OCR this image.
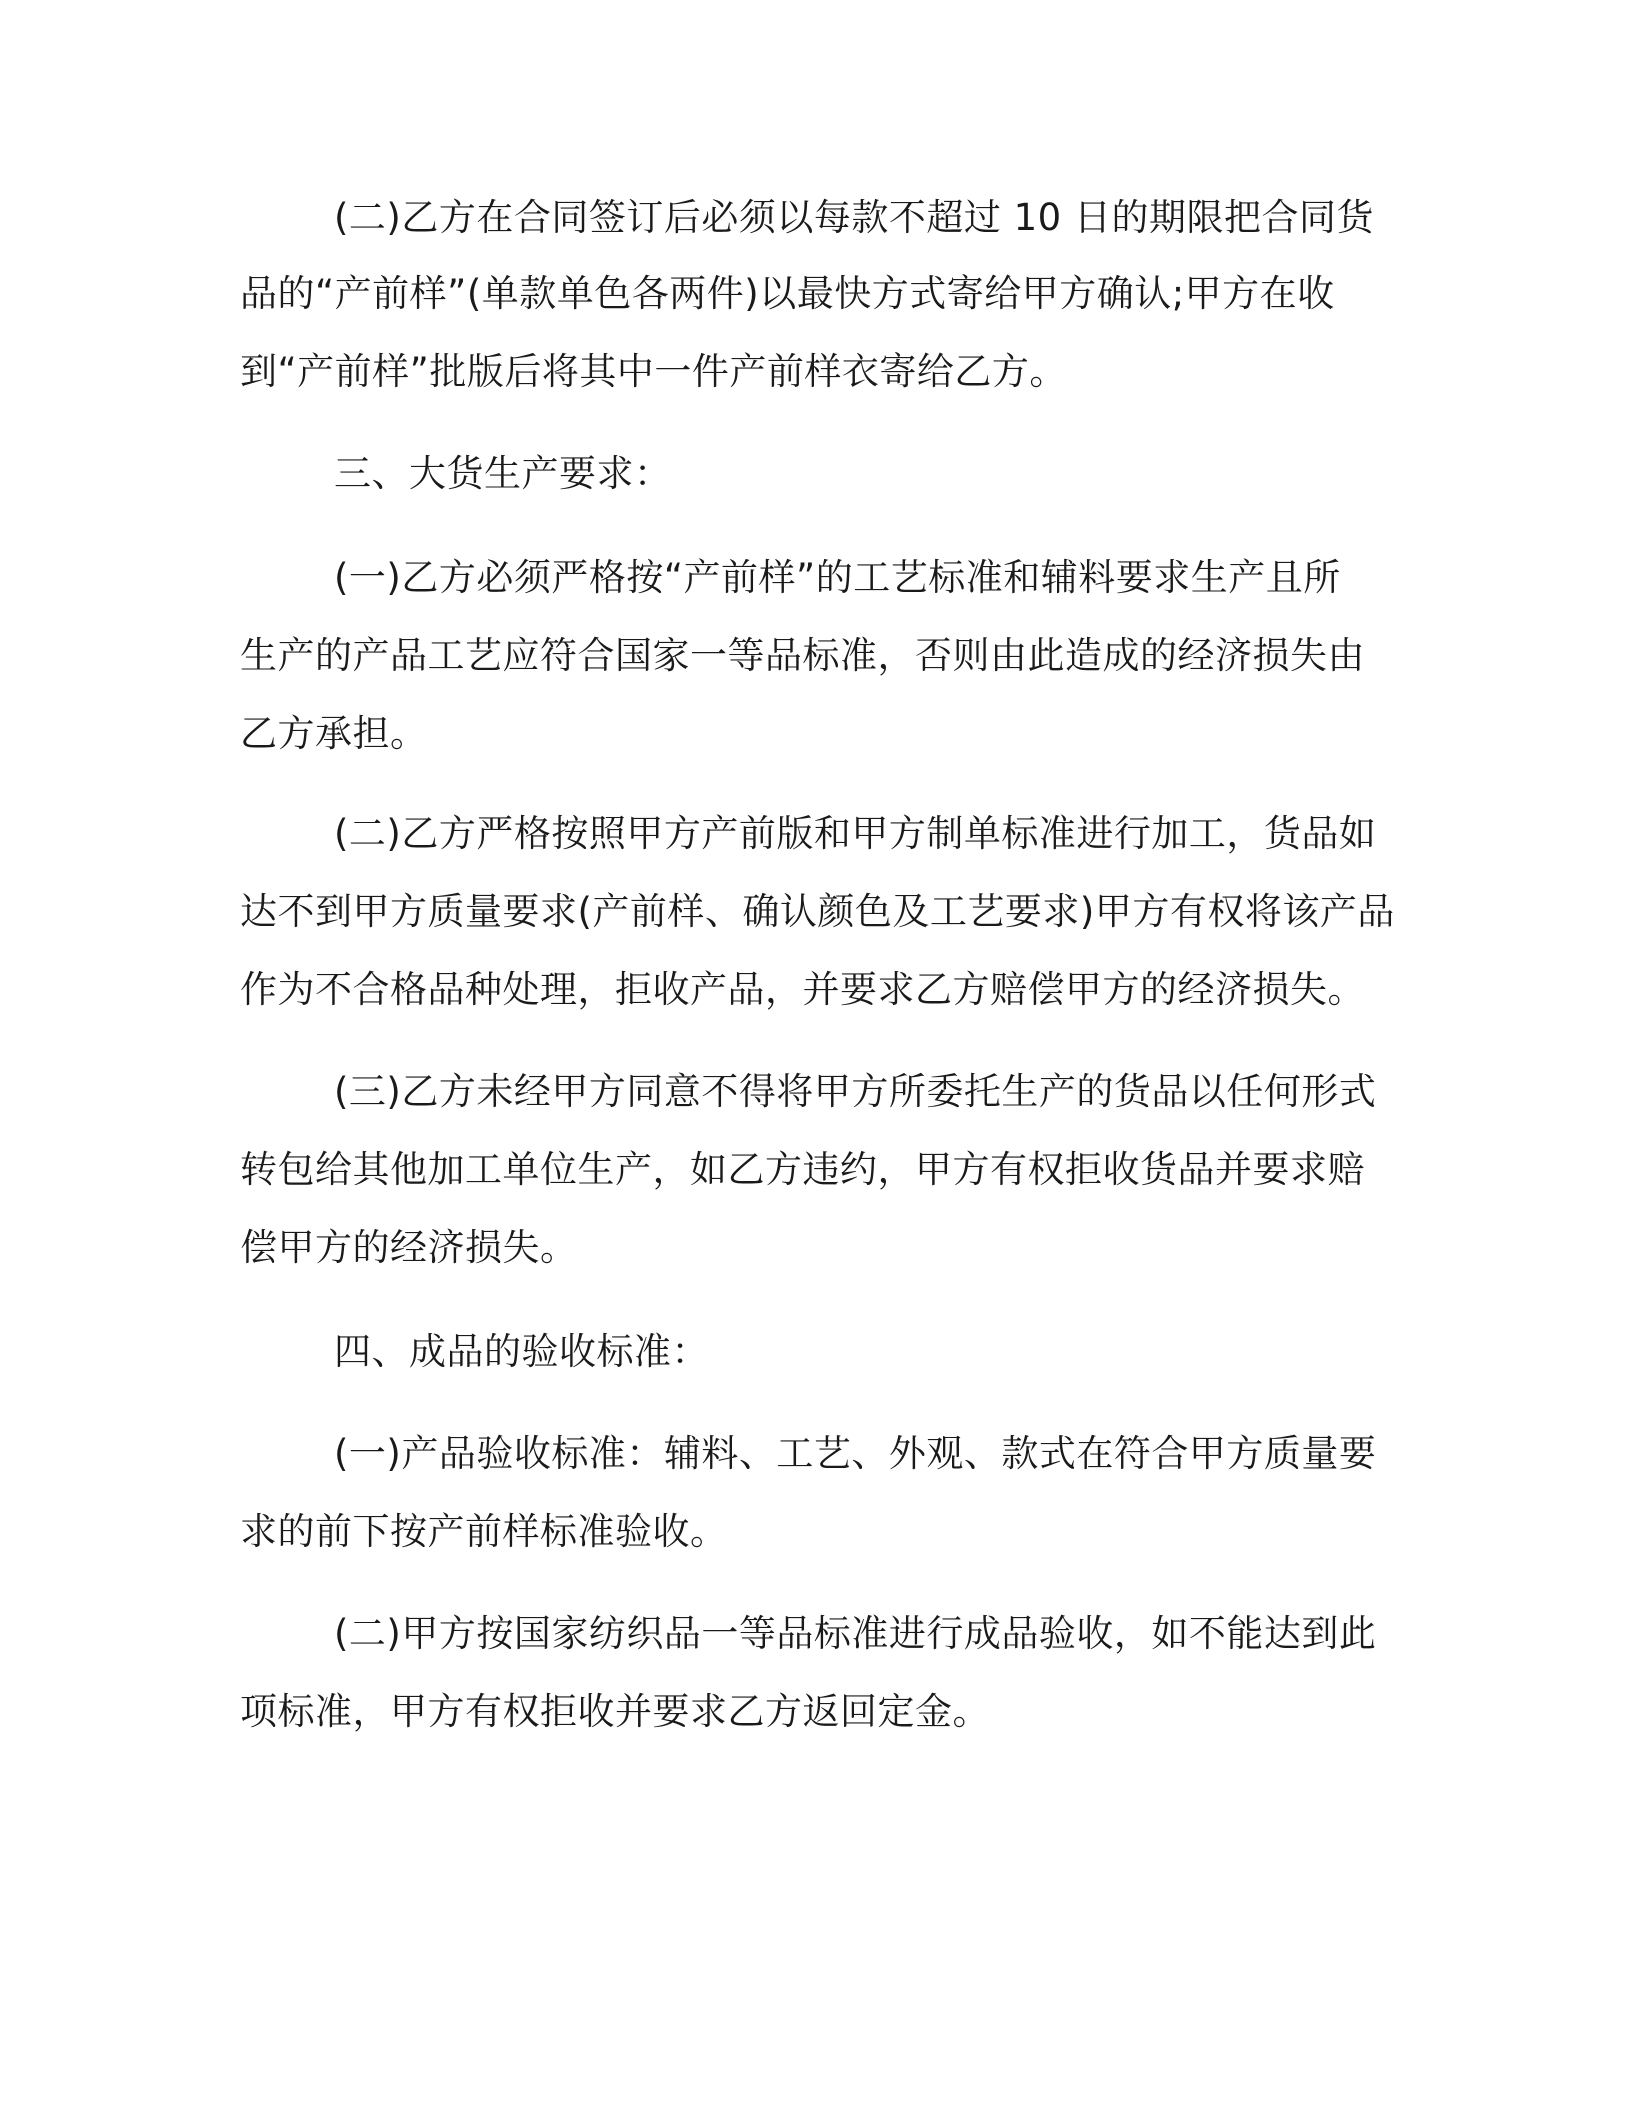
(二)乙方在合同签订后必须以每款不超过 10 日的期限把合同货
品的“产前样”(单款单色各两件)以最快方式寄给甲方确认;甲方在收
到“产前样”批版后将其中一件产前样衣寄给乙方。
三、大货生产要求：
(一)乙方必须严格按“产前样”的工艺标准和辅料要求生产且所
生产的产品工艺应符合国家一等品标准，否则由此造成的经济损失由
乙方承担。
(二)乙方严格按照甲方产前版和甲方制单标准进行加工，货品如
达不到甲方质量要求(产前样、确认颜色及工艺要求)甲方有权将该产品
作为不合格品种处理，拒收产品，并要求乙方赔偿甲方的经济损失。
(三)乙方未经甲方同意不得将甲方所委托生产的货品以任何形式
转包给其他加工单位生产，如乙方违约，甲方有权拒收货品并要求赔
偿甲方的经济损失。
四、成品的验收标准：
(一)产品验收标准：辅料、工艺、外观、款式在符合甲方质量要
求的前下按产前样标准验收。
(二)甲方按国家纺织品一等品标准进行成品验收，如不能达到此
项标准，甲方有权拒收并要求乙方返回定金。
